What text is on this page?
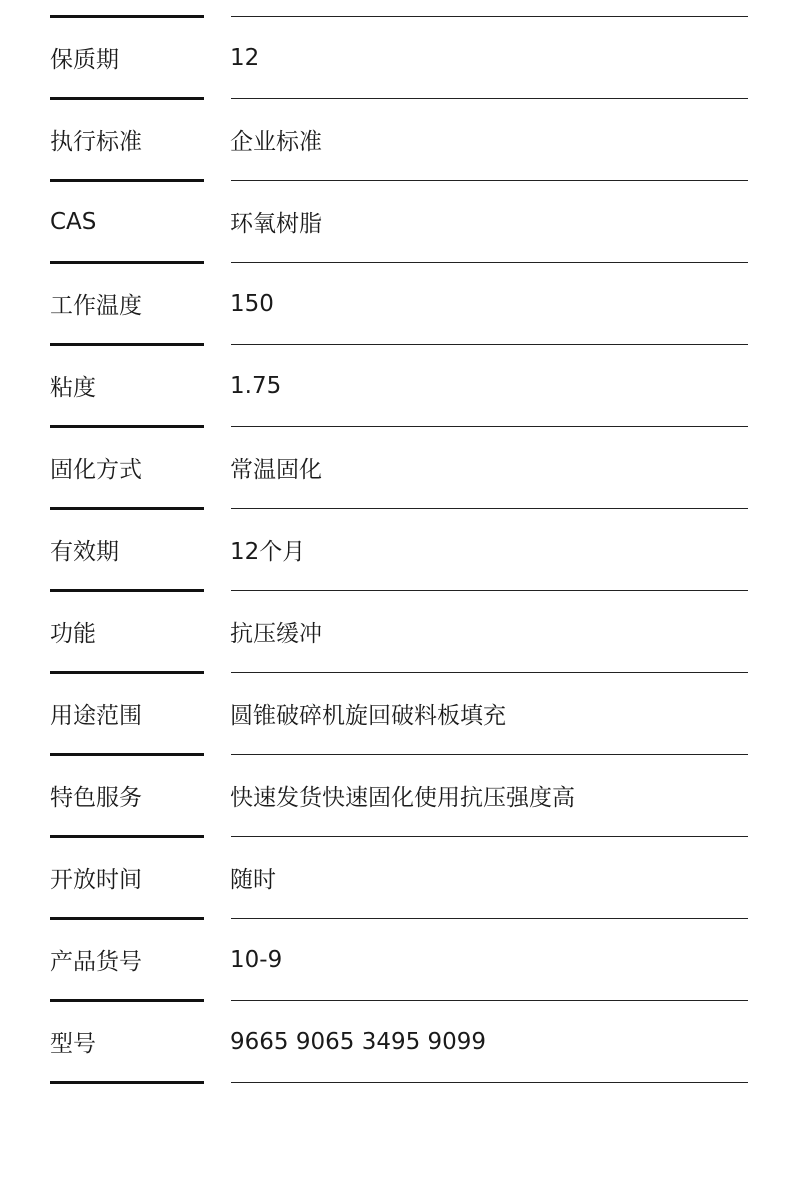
保质期	12
执行标准	企业标准
CAS	环氧树脂
工作温度	150
粘度	1.75
固化方式	常温固化
有效期	12个月
功能	抗压缓冲
用途范围	圆锥破碎机旋回破料板填充
特色服务	快速发货快速固化使用抗压强度高
开放时间	随时
产品货号	10-9
型号	9665 9065 3495 9099
